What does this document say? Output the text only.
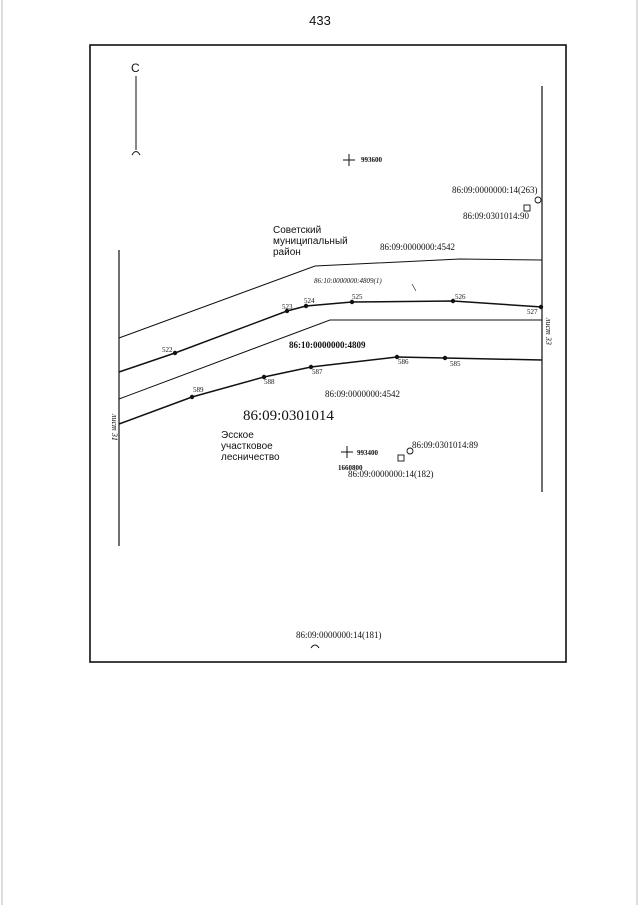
433
С
522
523
524	525	526
527
589
588
587
586	585
993600
993400
1660800
Советский
муниципальный
район
Эсское
участковое
лесничество
86:09:0301014
86:09:0000000:14(263)
86:09:0301014:90
86:09:0000000:4542
86:10:0000000:4809(1)
86:10:0000000:4809
86:09:0000000:4542
86:09:0301014:89
86:09:0000000:14(182)
86:09:0000000:14(181)
лист 31
лист 33
